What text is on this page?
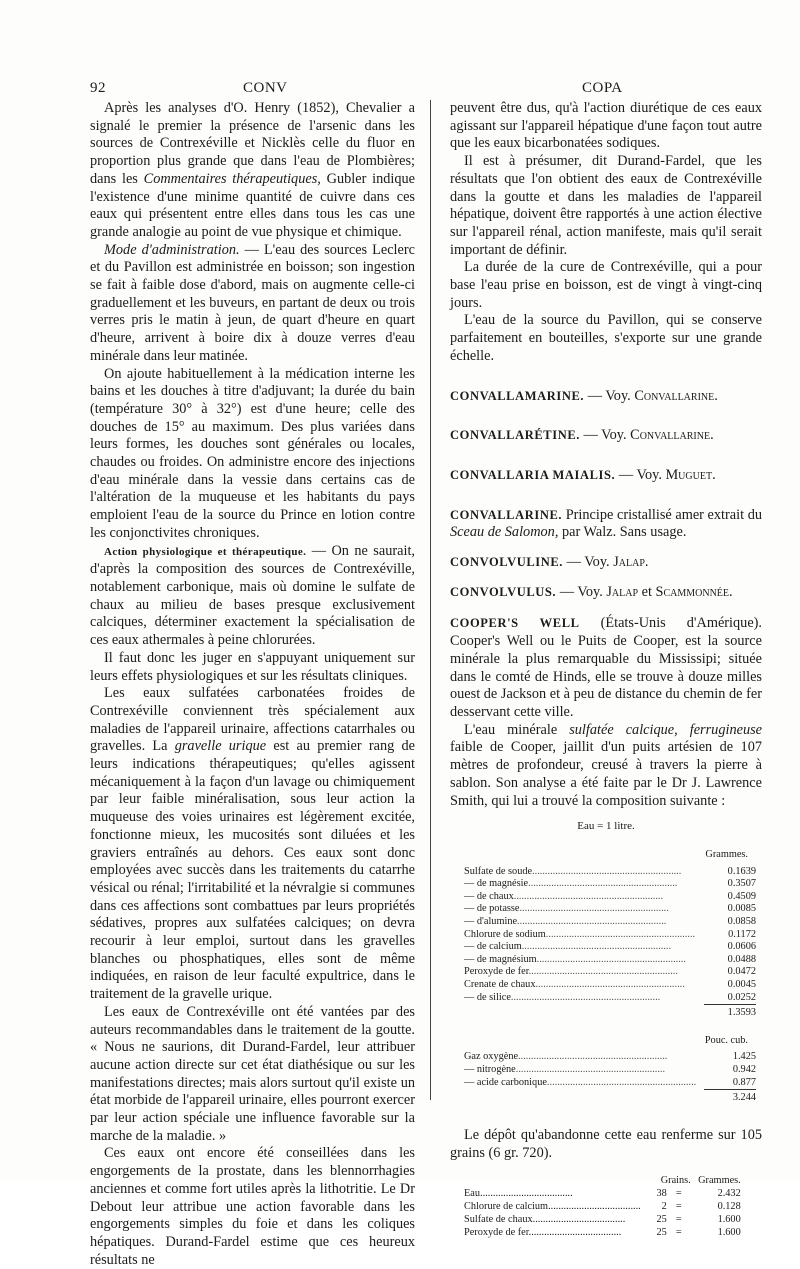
92	CONV	COPA

Après les analyses d'O. Henry (1852), Chevalier a signalé le premier la présence de l'arsenic dans les sources de Contrexéville et Nicklès celle du fluor en proportion plus grande que dans l'eau de Plombières; dans les Commentaires thérapeutiques, Gubler indique l'existence d'une minime quantité de cuivre dans ces eaux qui présentent entre elles dans tous les cas une grande analogie au point de vue physique et chimique.

Mode d'administration. — L'eau des sources Leclerc et du Pavillon est administrée en boisson; son ingestion se fait à faible dose d'abord, mais on augmente celle-ci graduellement et les buveurs, en partant de deux ou trois verres pris le matin à jeun, de quart d'heure en quart d'heure, arrivent à boire dix à douze verres d'eau minérale dans leur matinée.

On ajoute habituellement à la médication interne les bains et les douches à titre d'adjuvant; la durée du bain (température 30° à 32°) est d'une heure; celle des douches de 15° au maximum. Des plus variées dans leurs formes, les douches sont générales ou locales, chaudes ou froides. On administre encore des injections d'eau minérale dans la vessie dans certains cas de l'altération de la muqueuse et les habitants du pays emploient l'eau de la source du Prince en lotion contre les conjonctivites chroniques.

Action physiologique et thérapeutique. — On ne saurait, d'après la composition des sources de Contrexéville, notablement carbonique, mais où domine le sulfate de chaux au milieu de bases presque exclusivement calciques, déterminer exactement la spécialisation de ces eaux athermales à peine chlorurées.

Il faut donc les juger en s'appuyant uniquement sur leurs effets physiologiques et sur les résultats cliniques.

Les eaux sulfatées carbonatées froides de Contrexéville conviennent très spécialement aux maladies de l'appareil urinaire, affections catarrhales ou gravelles. La gravelle urique est au premier rang de leurs indications thérapeutiques; qu'elles agissent mécaniquement à la façon d'un lavage ou chimiquement par leur faible minéralisation, sous leur action la muqueuse des voies urinaires est légèrement excitée, fonctionne mieux, les mucosités sont diluées et les graviers entraînés au dehors. Ces eaux sont donc employées avec succès dans les traitements du catarrhe vésical ou rénal; l'irritabilité et la névralgie si communes dans ces affections sont combattues par leurs propriétés sédatives, propres aux sulfatées calciques; on devra recourir à leur emploi, surtout dans les gravelles blanches ou phosphatiques, elles sont de même indiquées, en raison de leur faculté expultrice, dans le traitement de la gravelle urique.

Les eaux de Contrexéville ont été vantées par des auteurs recommandables dans le traitement de la goutte. « Nous ne saurions, dit Durand-Fardel, leur attribuer aucune action directe sur cet état diathésique ou sur les manifestations directes; mais alors surtout qu'il existe un état morbide de l'appareil urinaire, elles pourront exercer par leur action spéciale une influence favorable sur la marche de la maladie. »

Ces eaux ont encore été conseillées dans les engorgements de la prostate, dans les blennorrhagies anciennes et comme fort utiles après la lithotritie. Le Dr Debout leur attribue une action favorable dans les engorgements simples du foie et dans les coliques hépatiques. Durand-Fardel estime que ces heureux résultats ne

peuvent être dus, qu'à l'action diurétique de ces eaux agissant sur l'appareil hépatique d'une façon tout autre que les eaux bicarbonatées sodiques.

Il est à présumer, dit Durand-Fardel, que les résultats que l'on obtient des eaux de Contrexéville dans la goutte et dans les maladies de l'appareil hépatique, doivent être rapportés à une action élective sur l'appareil rénal, action manifeste, mais qu'il serait important de définir.

La durée de la cure de Contrexéville, qui a pour base l'eau prise en boisson, est de vingt à vingt-cinq jours.

L'eau de la source du Pavillon, qui se conserve parfaitement en bouteilles, s'exporte sur une grande échelle.

CONVALLAMARINE. — Voy. Convallarine.

CONVALLARÉTINE. — Voy. Convallarine.

CONVALLARIA MAIALIS. — Voy. Muguet.

CONVALLARINE. Principe cristallisé amer extrait du Sceau de Salomon, par Walz. Sans usage.

CONVOLVULINE. — Voy. Jalap.

CONVOLVULUS. — Voy. Jalap et Scammonnée.

COOPER'S WELL (États-Unis d'Amérique). Cooper's Well ou le Puits de Cooper, est la source minérale la plus remarquable du Mississipi; située dans le comté de Hinds, elle se trouve à douze milles ouest de Jackson et à peu de distance du chemin de fer desservant cette ville.

L'eau minérale sulfatée calcique, ferrugineuse faible de Cooper, jaillit d'un puits artésien de 107 mètres de profondeur, creusé à travers la pierre à sablon. Son analyse a été faite par le Dr J. Lawrence Smith, qui lui a trouvé la composition suivante :

Eau = 1 litre.
Grammes.
Sulfate de soude..........................................................	0.1639
— de magnésie..........................................................	0.3507
— de chaux..........................................................	0.4509
— de potasse..........................................................	0.0085
— d'alumine..........................................................	0.0858
Chlorure de sodium..........................................................	0.1172
— de calcium..........................................................	0.0606
— de magnésium..........................................................	0.0488
Peroxyde de fer..........................................................	0.0472
Crenate de chaux..........................................................	0.0045
— de silice..........................................................	0.0252
	1.3593
Pouc. cub.
Gaz oxygène..........................................................	1.425
— nitrogène..........................................................	0.942
— acide carbonique..........................................................	0.877
	3.244

Le dépôt qu'abandonne cette eau renferme sur 105 grains (6 gr. 720).

	Grains.		Grammes.
Eau....................................	38	=	2.432
Chlorure de calcium....................................	2	=	0.128
Sulfate de chaux....................................	25	=	1.600
Peroxyde de fer....................................	25	=	1.600
